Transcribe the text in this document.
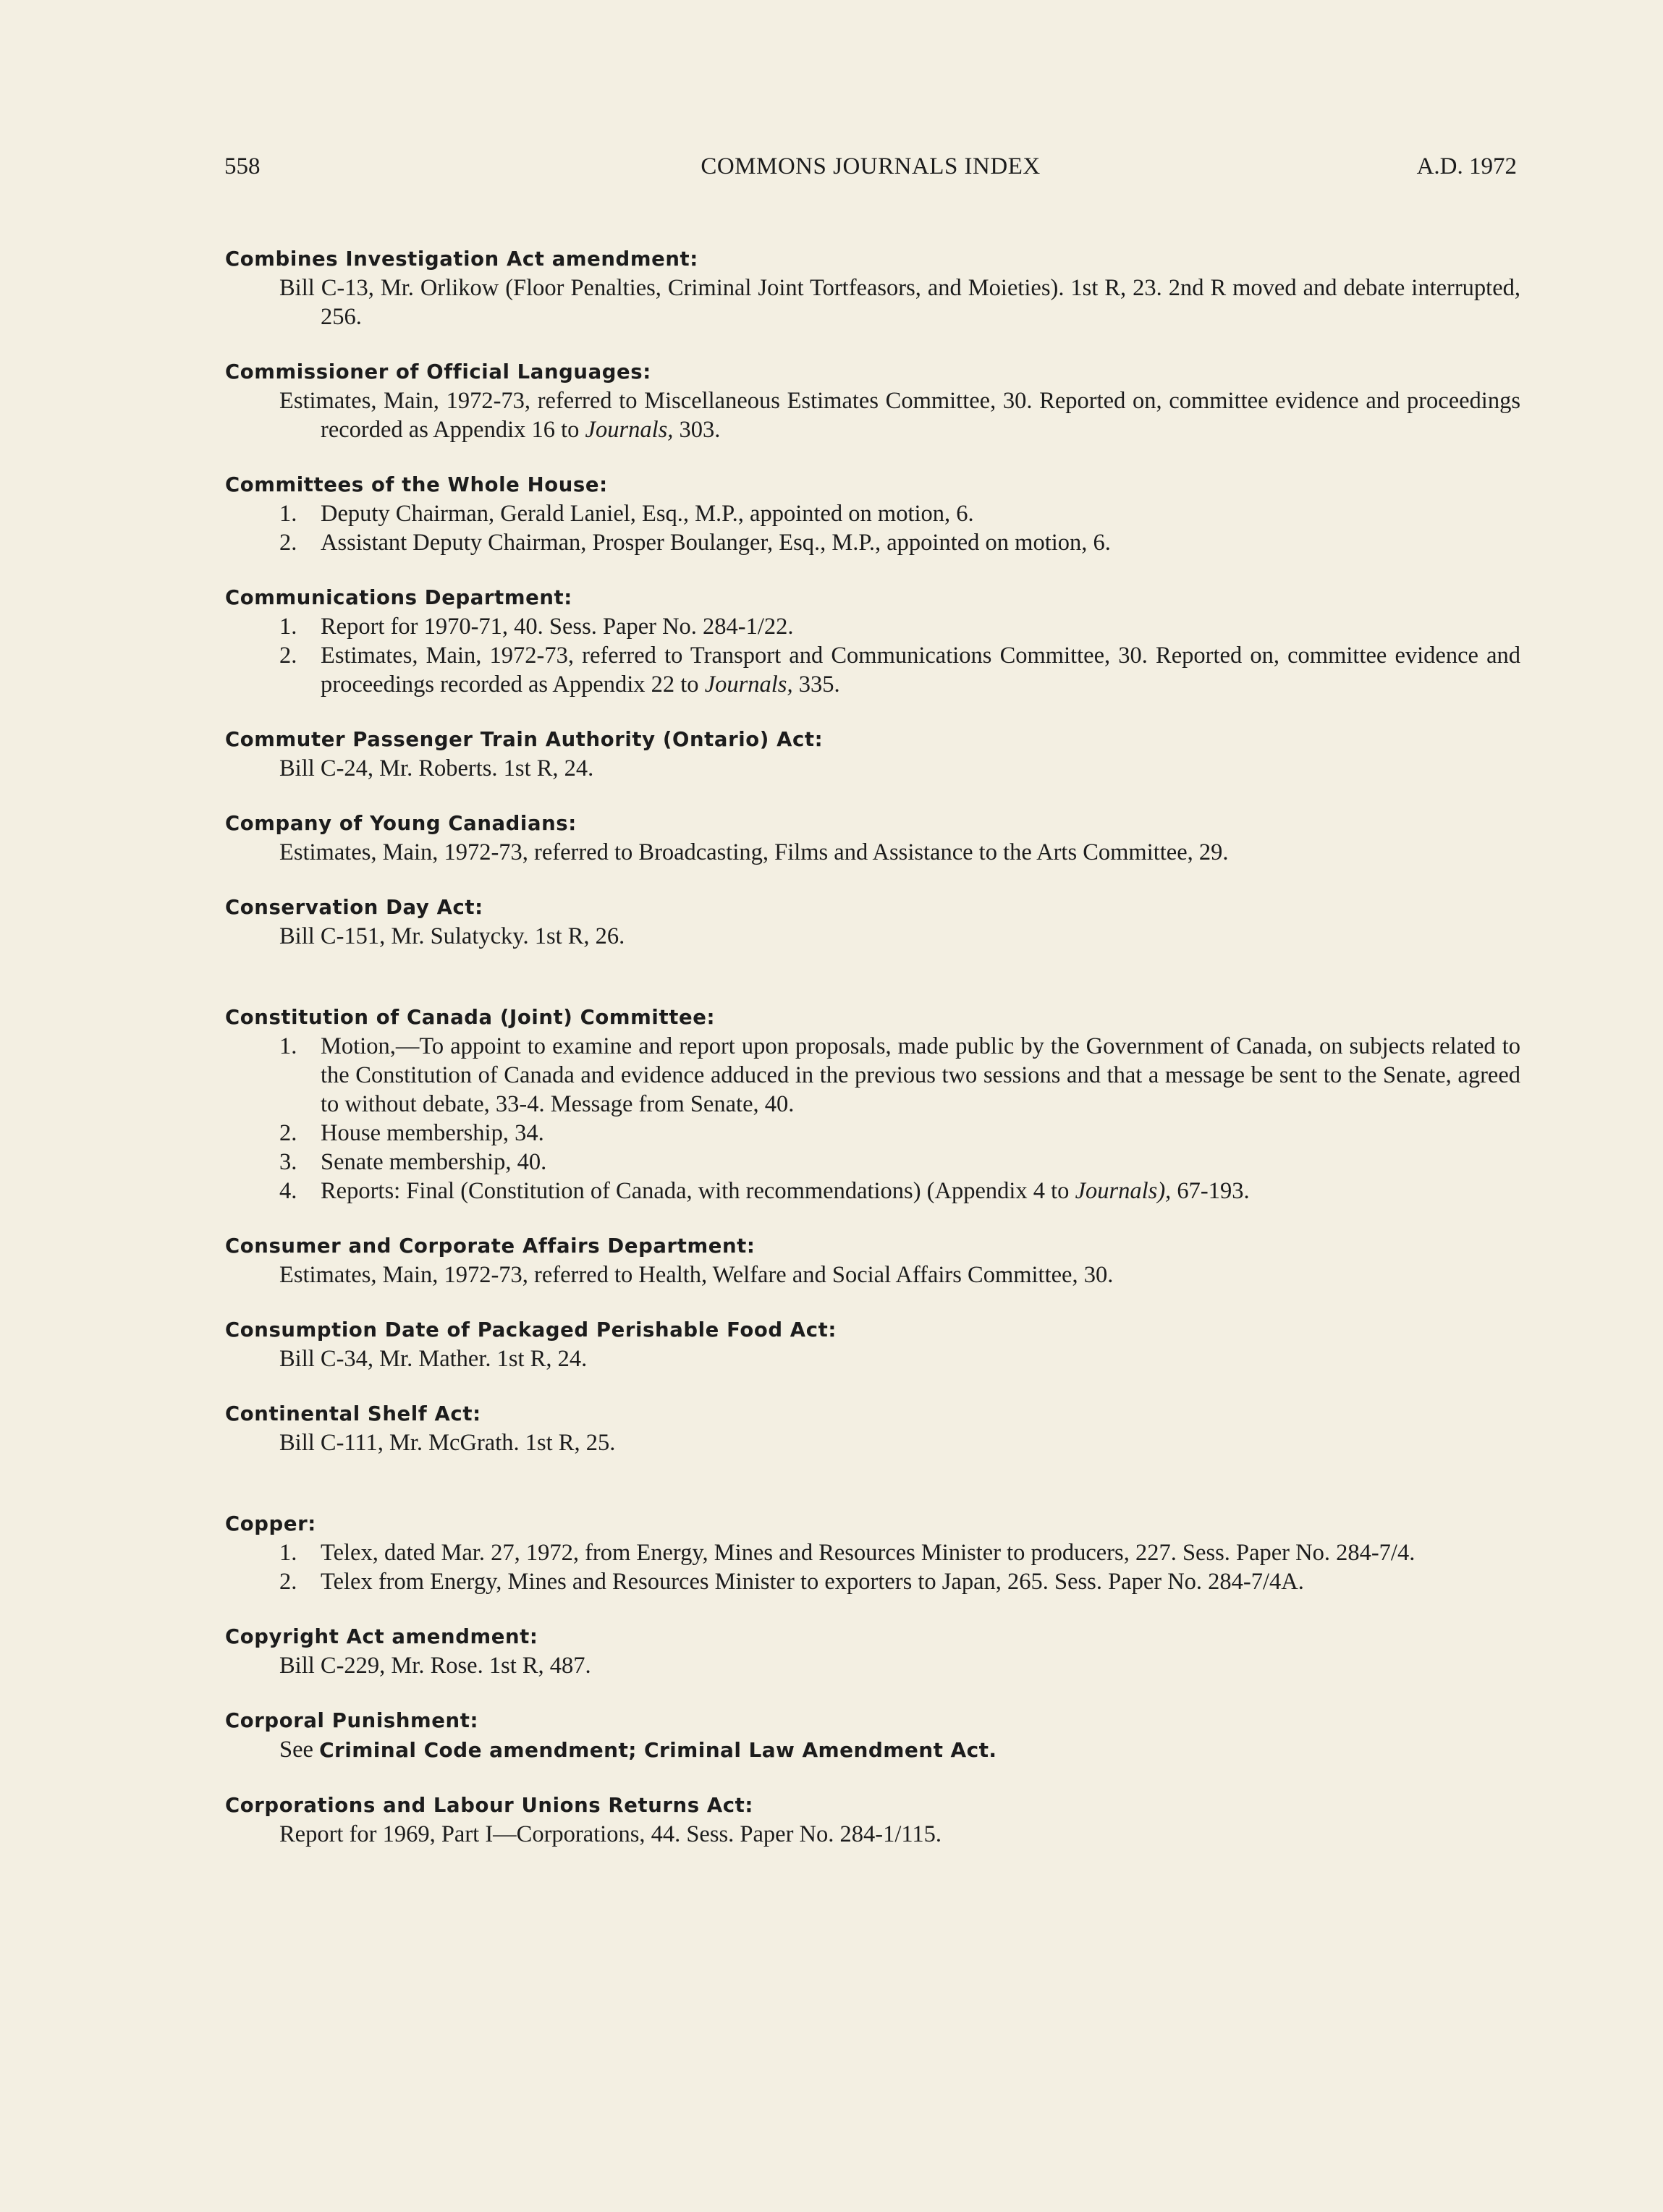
558	COMMONS JOURNALS INDEX	A.D. 1972
Combines Investigation Act amendment:
Bill C-13, Mr. Orlikow (Floor Penalties, Criminal Joint Tortfeasors, and Moieties). 1st R, 23. 2nd R moved and debate interrupted, 256.
Commissioner of Official Languages:
Estimates, Main, 1972-73, referred to Miscellaneous Estimates Committee, 30. Reported on, committee evidence and proceedings recorded as Appendix 16 to Journals, 303.
Committees of the Whole House:
1.	Deputy Chairman, Gerald Laniel, Esq., M.P., appointed on motion, 6.
2.	Assistant Deputy Chairman, Prosper Boulanger, Esq., M.P., appointed on motion, 6.
Communications Department:
1.	Report for 1970-71, 40. Sess. Paper No. 284-1/22.
2.	Estimates, Main, 1972-73, referred to Transport and Communications Committee, 30. Reported on, committee evidence and proceedings recorded as Appendix 22 to Journals, 335.
Commuter Passenger Train Authority (Ontario) Act:
Bill C-24, Mr. Roberts. 1st R, 24.
Company of Young Canadians:
Estimates, Main, 1972-73, referred to Broadcasting, Films and Assistance to the Arts Committee, 29.
Conservation Day Act:
Bill C-151, Mr. Sulatycky. 1st R, 26.
Constitution of Canada (Joint) Committee:
1.	Motion,—To appoint to examine and report upon proposals, made public by the Government of Canada, on subjects related to the Constitution of Canada and evidence adduced in the previous two sessions and that a message be sent to the Senate, agreed to without debate, 33-4. Message from Senate, 40.
2.	House membership, 34.
3.	Senate membership, 40.
4.	Reports: Final (Constitution of Canada, with recommendations) (Appendix 4 to Journals), 67-193.
Consumer and Corporate Affairs Department:
Estimates, Main, 1972-73, referred to Health, Welfare and Social Affairs Committee, 30.
Consumption Date of Packaged Perishable Food Act:
Bill C-34, Mr. Mather. 1st R, 24.
Continental Shelf Act:
Bill C-111, Mr. McGrath. 1st R, 25.
Copper:
1.	Telex, dated Mar. 27, 1972, from Energy, Mines and Resources Minister to producers, 227. Sess. Paper No. 284-7/4.
2.	Telex from Energy, Mines and Resources Minister to exporters to Japan, 265. Sess. Paper No. 284-7/4A.
Copyright Act amendment:
Bill C-229, Mr. Rose. 1st R, 487.
Corporal Punishment:
See Criminal Code amendment; Criminal Law Amendment Act.
Corporations and Labour Unions Returns Act:
Report for 1969, Part I—Corporations, 44. Sess. Paper No. 284-1/115.
